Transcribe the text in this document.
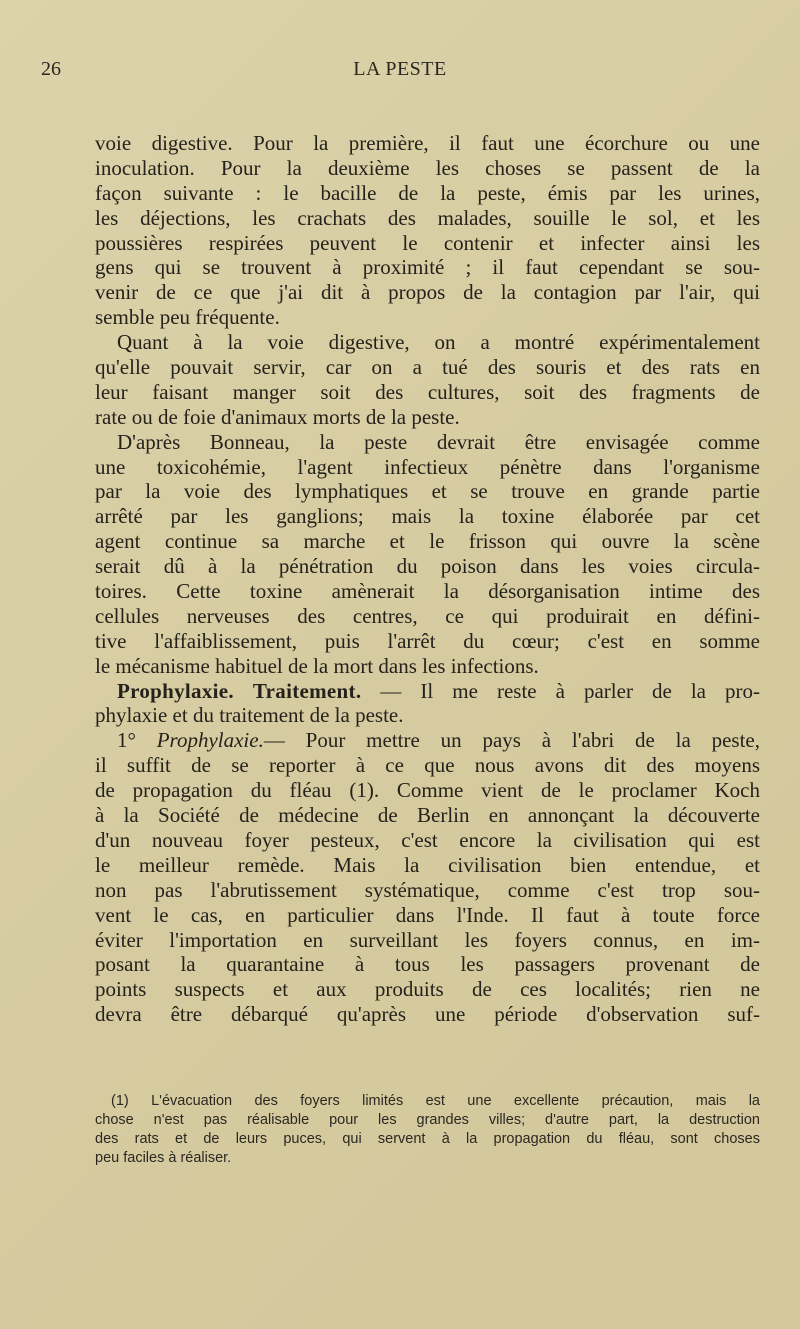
26	LA PESTE
voie digestive. Pour la première, il faut une écorchure ou une
inoculation. Pour la deuxième les choses se passent de la
façon suivante : le bacille de la peste, émis par les urines,
les déjections, les crachats des malades, souille le sol, et les
poussières respirées peuvent le contenir et infecter ainsi les
gens qui se trouvent à proximité ; il faut cependant se sou-
venir de ce que j'ai dit à propos de la contagion par l'air, qui
semble peu fréquente.
Quant à la voie digestive, on a montré expérimentalement
qu'elle pouvait servir, car on a tué des souris et des rats en
leur faisant manger soit des cultures, soit des fragments de
rate ou de foie d'animaux morts de la peste.
D'après Bonneau, la peste devrait être envisagée comme
une toxicohémie, l'agent infectieux pénètre dans l'organisme
par la voie des lymphatiques et se trouve en grande partie
arrêté par les ganglions; mais la toxine élaborée par cet
agent continue sa marche et le frisson qui ouvre la scène
serait dû à la pénétration du poison dans les voies circula-
toires. Cette toxine amènerait la désorganisation intime des
cellules nerveuses des centres, ce qui produirait en défini-
tive l'affaiblissement, puis l'arrêt du cœur; c'est en somme
le mécanisme habituel de la mort dans les infections.
Prophylaxie. Traitement. — Il me reste à parler de la pro-
phylaxie et du traitement de la peste.
1° Prophylaxie.— Pour mettre un pays à l'abri de la peste,
il suffit de se reporter à ce que nous avons dit des moyens
de propagation du fléau (1). Comme vient de le proclamer Koch
à la Société de médecine de Berlin en annonçant la découverte
d'un nouveau foyer pesteux, c'est encore la civilisation qui est
le meilleur remède. Mais la civilisation bien entendue, et
non pas l'abrutissement systématique, comme c'est trop sou-
vent le cas, en particulier dans l'Inde. Il faut à toute force
éviter l'importation en surveillant les foyers connus, en im-
posant la quarantaine à tous les passagers provenant de
points suspects et aux produits de ces localités; rien ne
devra être débarqué qu'après une période d'observation suf-
(1) L'évacuation des foyers limités est une excellente précaution, mais la
chose n'est pas réalisable pour les grandes villes; d'autre part, la destruction
des rats et de leurs puces, qui servent à la propagation du fléau, sont choses
peu faciles à réaliser.
